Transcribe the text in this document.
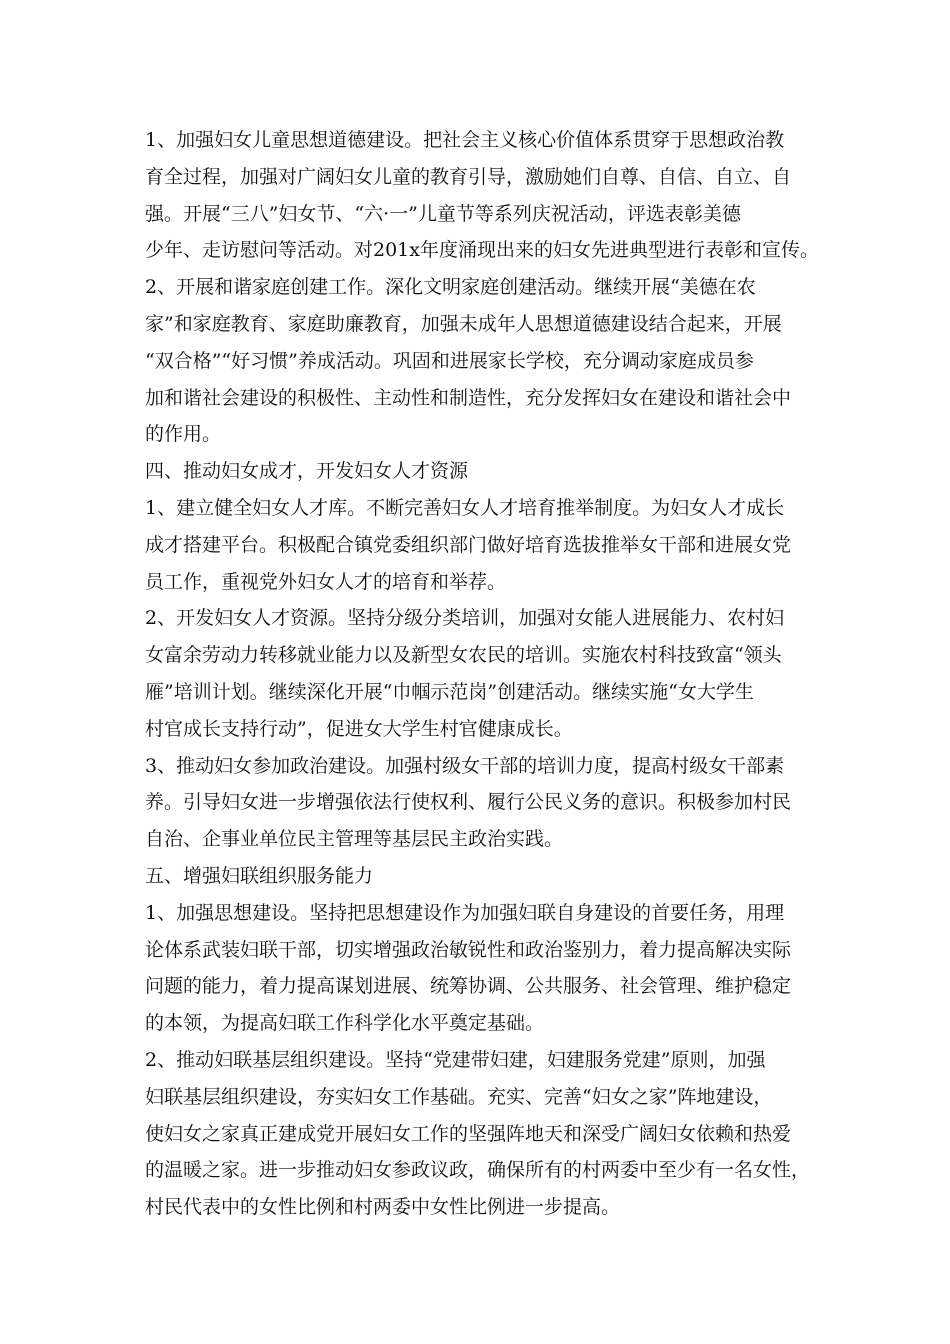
1、加强妇女儿童思想道德建设。把社会主义核心价值体系贯穿于思想政治教
育全过程，加强对广阔妇女儿童的教育引导，激励她们自尊、自信、自立、自
强。开展“三八”妇女节、“六·一”儿童节等系列庆祝活动，评选表彰美德
少年、走访慰问等活动。对201x年度涌现出来的妇女先进典型进行表彰和宣传。
2、开展和谐家庭创建工作。深化文明家庭创建活动。继续开展“美德在农
家”和家庭教育、家庭助廉教育，加强未成年人思想道德建设结合起来，开展
“双合格”“好习惯”养成活动。巩固和进展家长学校，充分调动家庭成员参
加和谐社会建设的积极性、主动性和制造性，充分发挥妇女在建设和谐社会中
的作用。
四、推动妇女成才，开发妇女人才资源
1、建立健全妇女人才库。不断完善妇女人才培育推举制度。为妇女人才成长
成才搭建平台。积极配合镇党委组织部门做好培育选拔推举女干部和进展女党
员工作，重视党外妇女人才的培育和举荐。
2、开发妇女人才资源。坚持分级分类培训，加强对女能人进展能力、农村妇
女富余劳动力转移就业能力以及新型女农民的培训。实施农村科技致富“领头
雁”培训计划。继续深化开展“巾帼示范岗”创建活动。继续实施“女大学生
村官成长支持行动”，促进女大学生村官健康成长。
3、推动妇女参加政治建设。加强村级女干部的培训力度，提高村级女干部素
养。引导妇女进一步增强依法行使权利、履行公民义务的意识。积极参加村民
自治、企事业单位民主管理等基层民主政治实践。
五、增强妇联组织服务能力
1、加强思想建设。坚持把思想建设作为加强妇联自身建设的首要任务，用理
论体系武装妇联干部，切实增强政治敏锐性和政治鉴别力，着力提高解决实际
问题的能力，着力提高谋划进展、统筹协调、公共服务、社会管理、维护稳定
的本领，为提高妇联工作科学化水平奠定基础。
2、推动妇联基层组织建设。坚持“党建带妇建，妇建服务党建”原则，加强
妇联基层组织建设，夯实妇女工作基础。充实、完善“妇女之家”阵地建设，
使妇女之家真正建成党开展妇女工作的坚强阵地天和深受广阔妇女依赖和热爱
的温暖之家。进一步推动妇女参政议政，确保所有的村两委中至少有一名女性，
村民代表中的女性比例和村两委中女性比例进一步提高。
